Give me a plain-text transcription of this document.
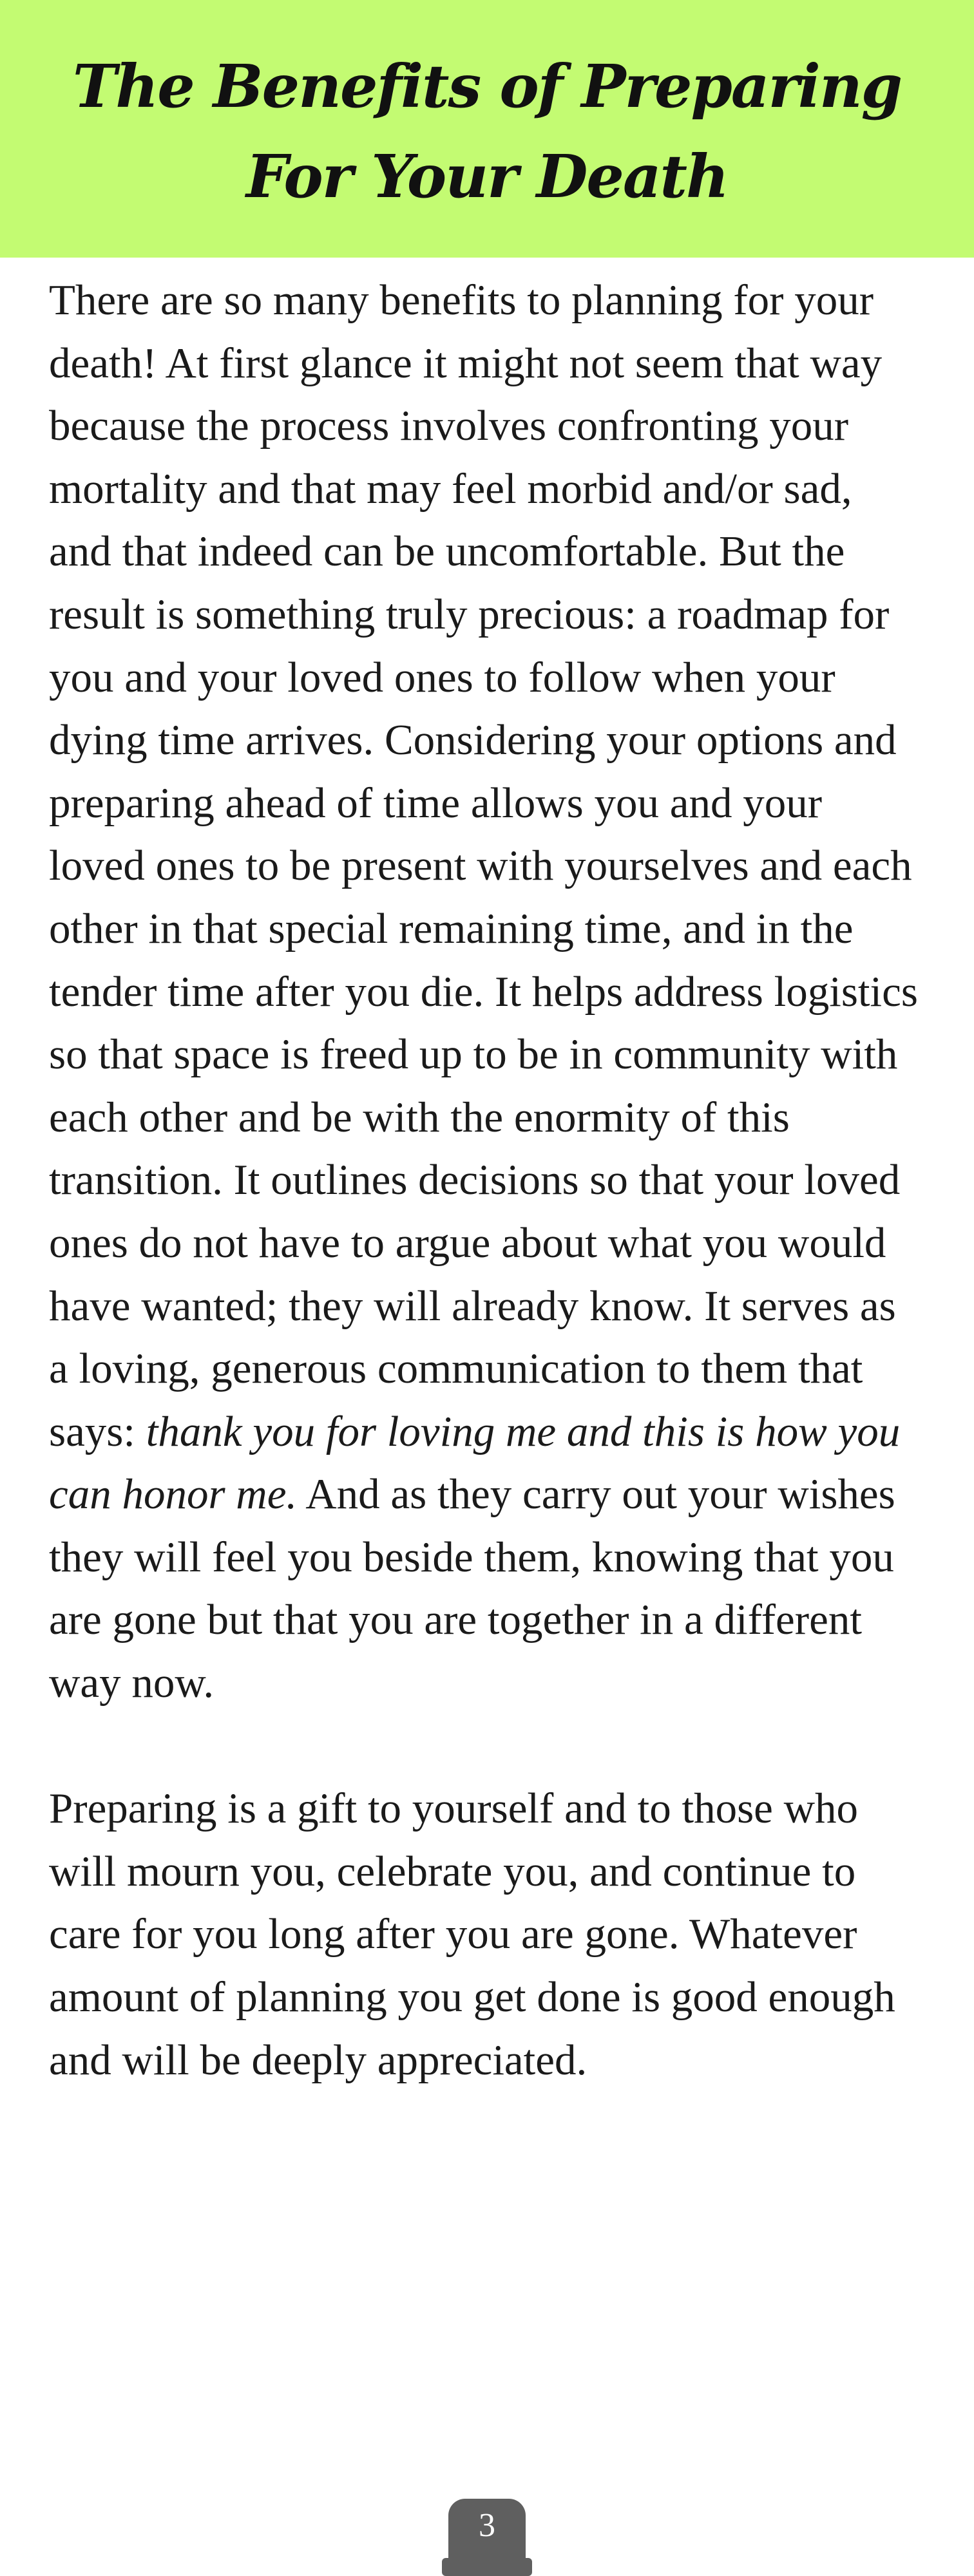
The Benefits of Preparing
For Your Death

There are so many benefits to planning for your death! At first glance it might not seem that way because the process involves confronting your mortality and that may feel morbid and/or sad, and that indeed can be uncomfortable. But the result is something truly precious: a roadmap for you and your loved ones to follow when your dying time arrives. Considering your options and preparing ahead of time allows you and your loved ones to be present with yourselves and each other in that special remaining time, and in the tender time after you die. It helps address logistics so that space is freed up to be in community with each other and be with the enormity of this transition. It outlines decisions so that your loved ones do not have to argue about what you would have wanted; they will already know. It serves as a loving, generous communication to them that says: thank you for loving me and this is how you can honor me. And as they carry out your wishes they will feel you beside them, knowing that you are gone but that you are together in a different way now.

Preparing is a gift to yourself and to those who will mourn you, celebrate you, and continue to care for you long after you are gone. Whatever amount of planning you get done is good enough and will be deeply appreciated.

3
